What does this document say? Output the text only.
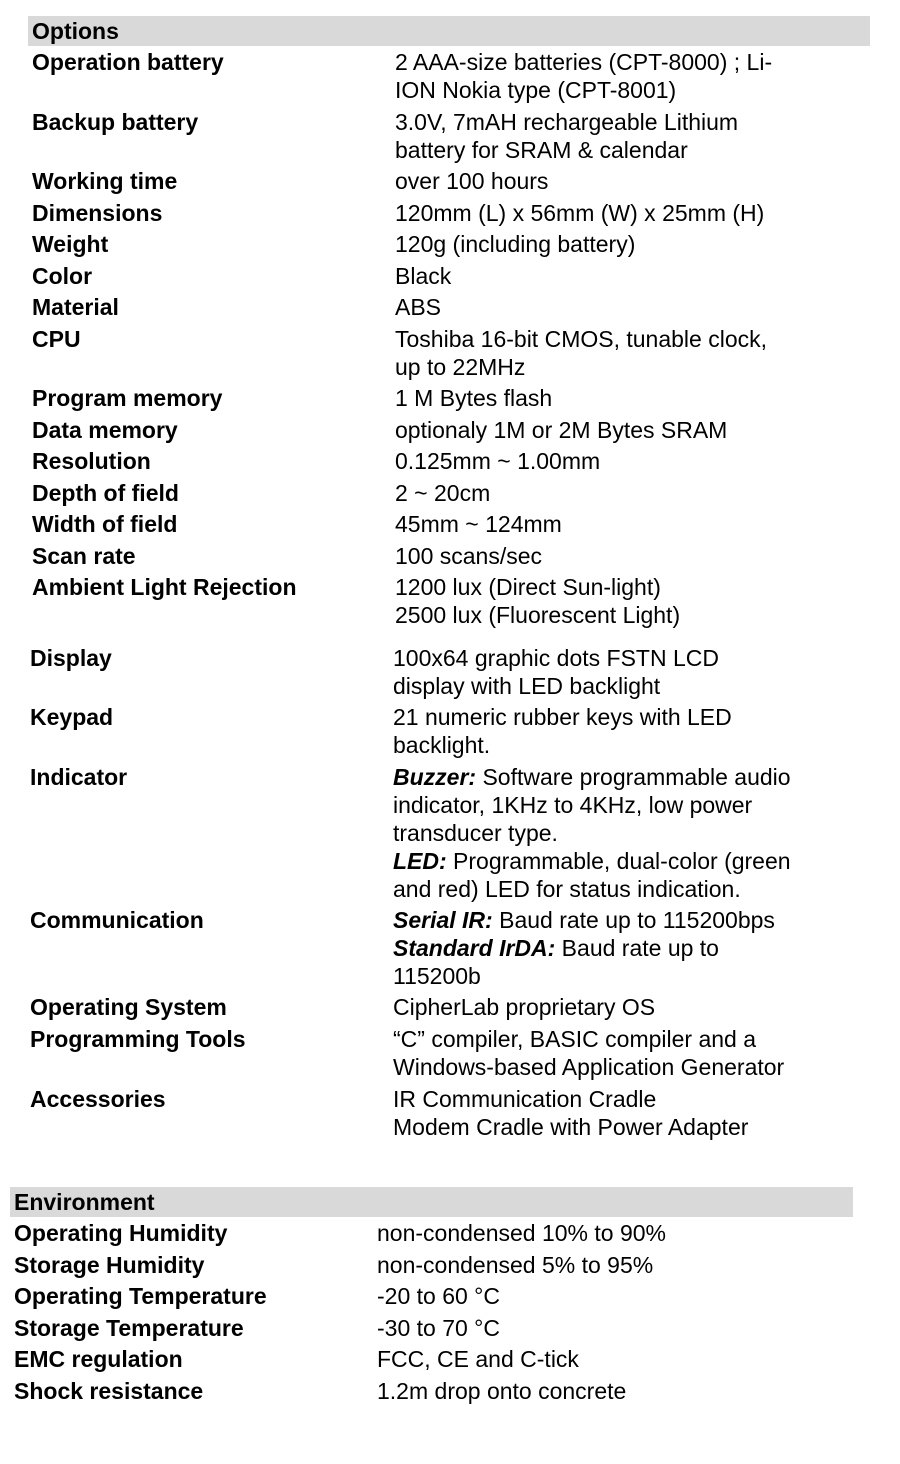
Options
Operation battery	2 AAA-size batteries (CPT-8000) ; Li-
ION Nokia type (CPT-8001)
Backup battery	3.0V, 7mAH rechargeable Lithium
battery for SRAM & calendar
Working time	over 100 hours
Dimensions	120mm (L) x 56mm (W) x 25mm (H)
Weight	120g (including battery)
Color	Black
Material	ABS
CPU	Toshiba 16-bit CMOS, tunable clock,
up to 22MHz
Program memory	1 M Bytes flash
Data memory	optionaly 1M or 2M Bytes SRAM
Resolution	0.125mm ~ 1.00mm
Depth of field	2 ~ 20cm
Width of field	45mm ~ 124mm
Scan rate	100 scans/sec
Ambient Light Rejection	1200 lux (Direct Sun-light)
2500 lux (Fluorescent Light)
Display	100x64 graphic dots FSTN LCD
display with LED backlight
Keypad	21 numeric rubber keys with LED
backlight.
Indicator	Buzzer: Software programmable audio
indicator, 1KHz to 4KHz, low power
transducer type.
LED: Programmable, dual-color (green
and red) LED for status indication.
Communication	Serial IR: Baud rate up to 115200bps
Standard IrDA: Baud rate up to
115200b
Operating System	CipherLab proprietary OS
Programming Tools	“C” compiler, BASIC compiler and a
Windows-based Application Generator
Accessories	IR Communication Cradle
Modem Cradle with Power Adapter
Environment
Operating Humidity	non-condensed 10% to 90%
Storage Humidity	non-condensed 5% to 95%
Operating Temperature	-20 to 60 °C
Storage Temperature	-30 to 70 °C
EMC regulation	FCC, CE and C-tick
Shock resistance	1.2m drop onto concrete
